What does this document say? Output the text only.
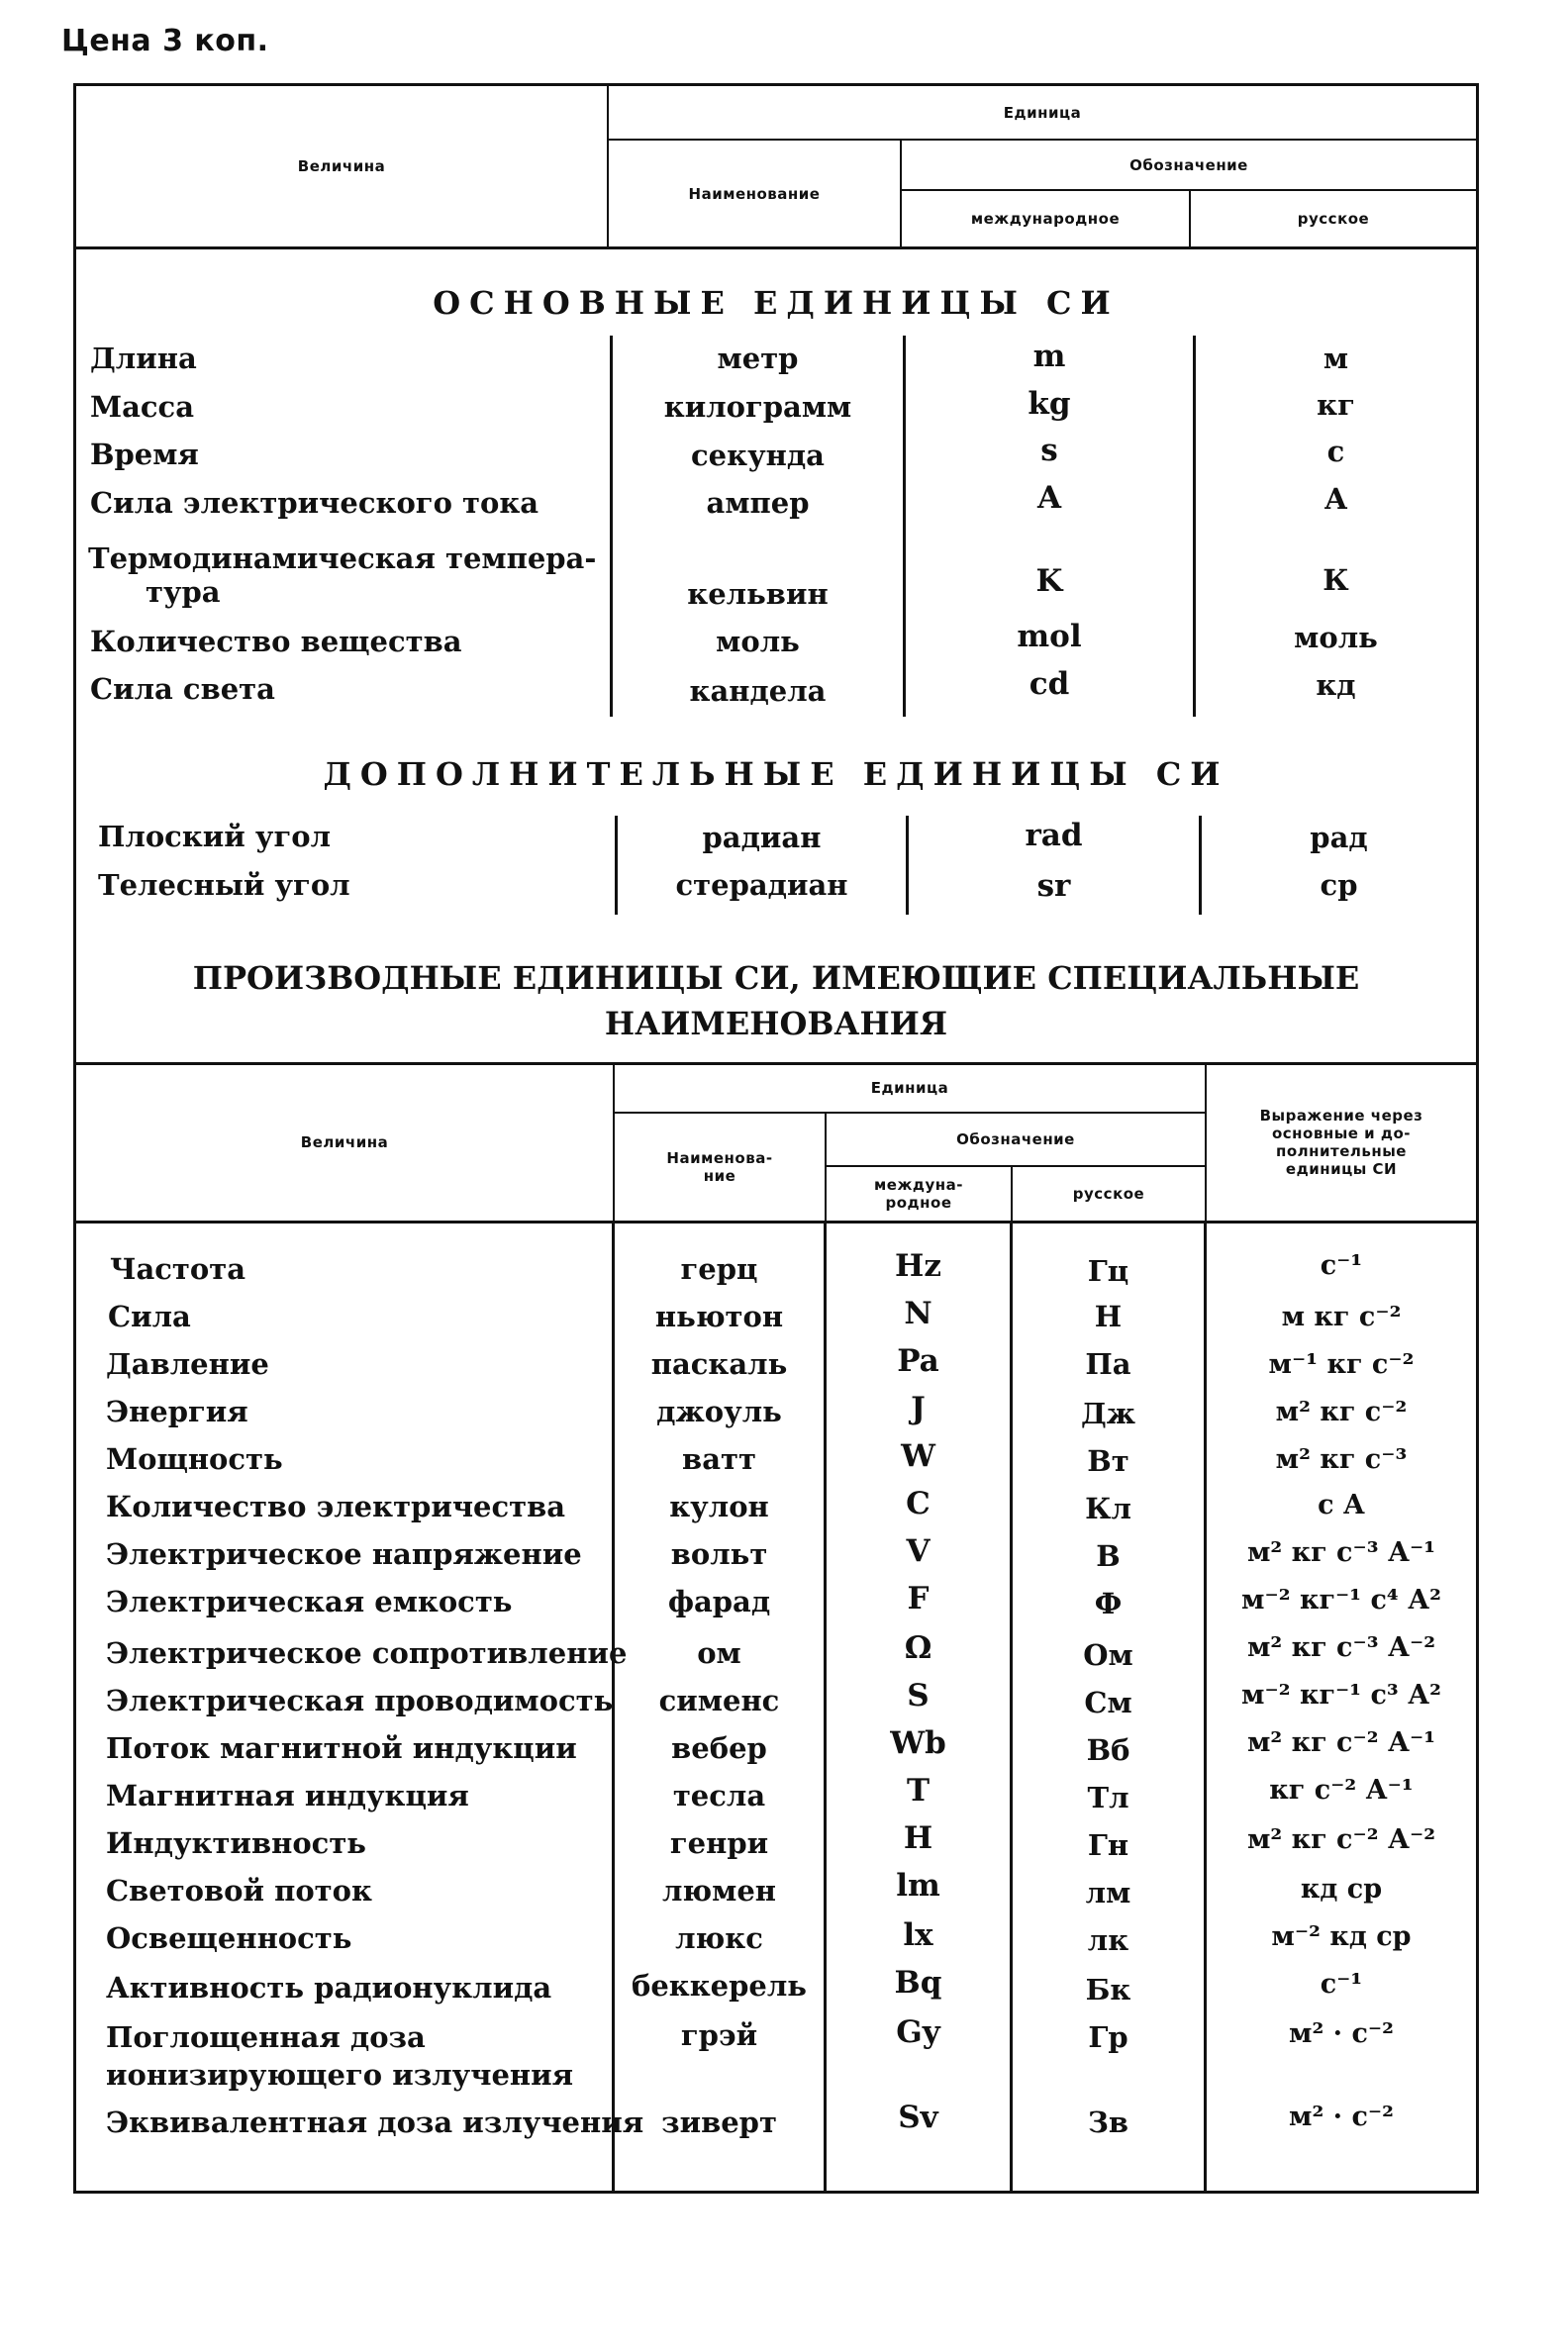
Цена 3 коп.
Величина
Единица
Наименование
Обозначение
международное	русское
ОСНОВНЫЕ ЕДИНИЦЫ СИ
Длина	метр	m	м
Масса	килограмм	kg	кг
Время	секунда	s	с
Сила электрического тока	ампер	A	А
Термодинамическая темпера-
тура	кельвин	K	К
Количество вещества	моль	mol	моль
Сила света	кандела	cd	кд
ДОПОЛНИТЕЛЬНЫЕ ЕДИНИЦЫ СИ
Плоский угол	радиан	rad	рад
Телесный угол	стерадиан	sr	ср
ПРОИЗВОДНЫЕ ЕДИНИЦЫ СИ, ИМЕЮЩИЕ СПЕЦИАЛЬНЫЕ
НАИМЕНОВАНИЯ
Величина
Единица
Наименова-
ние
Обозначение
междуна-
родное	русское
Выражение через
основные и до-
полнительные
единицы СИ
Частота	герц	Hz	Гц	с⁻¹
Сила	ньютон	N	Н	м кг с⁻²
Давление	паскаль	Pa	Па	м⁻¹ кг с⁻²
Энергия	джоуль	J	Дж	м² кг с⁻²
Мощность	ватт	W	Вт	м² кг с⁻³
Количество электричества	кулон	C	Кл	с А
Электрическое напряжение	вольт	V	В	м² кг с⁻³ А⁻¹
Электрическая емкость	фарад	F	Ф	м⁻² кг⁻¹ с⁴ А²
Электрическое сопротивление	ом	Ω	Ом	м² кг с⁻³ А⁻²
Электрическая проводимость	сименс	S	См	м⁻² кг⁻¹ с³ А²
Поток магнитной индукции	вебер	Wb	Вб	м² кг с⁻² А⁻¹
Магнитная индукция	тесла	T	Тл	кг с⁻² А⁻¹
Индуктивность	генри	H	Гн	м² кг с⁻² А⁻²
Световой поток	люмен	lm	лм	кд ср
Освещенность	люкс	lx	лк	м⁻² кд ср
Активность радионуклида	беккерель	Bq	Бк	с⁻¹
Поглощенная доза
ионизирующего излучения
грэй	Gy	Гр	м² · с⁻²
Эквивалентная доза излучения зиверт	Sv	Зв	м² · с⁻²
